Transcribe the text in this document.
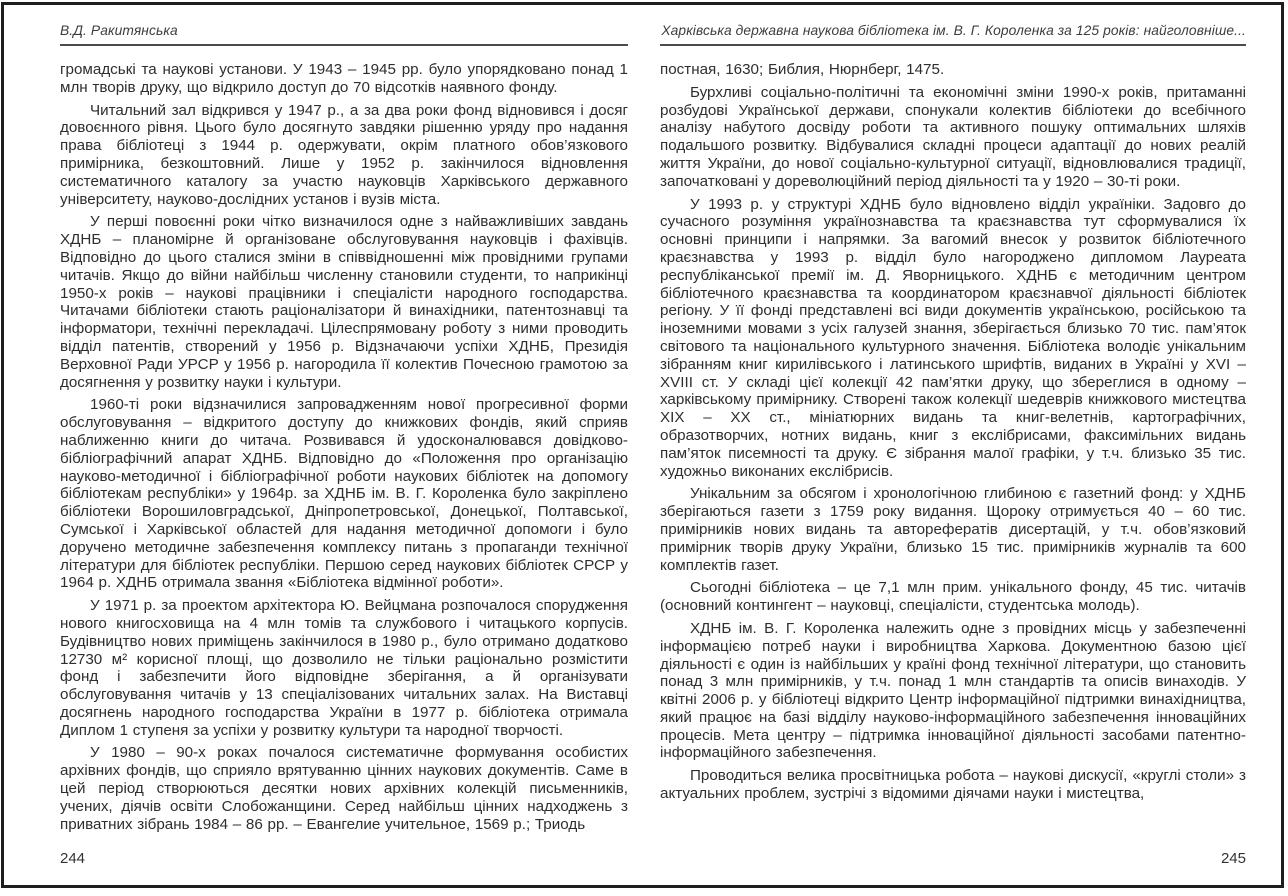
В.Д. Ракитянська

громадські та наукові установи. У 1943 – 1945 рр. було упорядковано понад 1 млн творів друку, що відкрило доступ до 70 відсотків наявного фонду.

Читальний зал відкрився у 1947 р., а за два роки фонд відновився і досяг довоєнного рівня. Цього було досягнуто завдяки рішенню уряду про надання права бібліотеці з 1944 р. одержувати, окрім платного обов’язкового примірника, безкоштовний. Лише у 1952 р. закінчилося відновлення систематичного каталогу за участю науковців Харківського державного університету, науково-дослідних установ і вузів міста.

У перші повоєнні роки чітко визначилося одне з найважливіших завдань ХДНБ – планомірне й організоване обслуговування науковців і фахівців. Відповідно до цього сталися зміни в співвідношенні між провідними групами читачів. Якщо до війни найбільш численну становили студенти, то наприкінці 1950-х років – наукові працівники і спеціалісти народного господарства. Читачами бібліотеки стають раціоналізатори й винахідники, патентознавці та інформатори, технічні перекладачі. Цілеспрямовану роботу з ними проводить відділ патентів, створений у 1956 р. Відзначаючи успіхи ХДНБ, Президія Верховної Ради УРСР у 1956 р. нагородила її колектив Почесною грамотою за досягнення у розвитку науки і культури.

1960-ті роки відзначилися запровадженням нової прогресивної форми обслуговування – відкритого доступу до книжкових фондів, який сприяв наближенню книги до читача. Розвивався й удосконалювався довідково-бібліографічний апарат ХДНБ. Відповідно до «Положення про організацію науково-методичної і бібліографічної роботи наукових бібліотек на допомогу бібліотекам республіки» у 1964р. за ХДНБ ім. В. Г. Короленка було закріплено бібліотеки Ворошиловградської, Дніпропетровської, Донецької, Полтавської, Сумської і Харківської областей для надання методичної допомоги і було доручено методичне забезпечення комплексу питань з пропаганди технічної літератури для бібліотек республіки. Першою серед наукових бібліотек СРСР у 1964 р. ХДНБ отримала звання «Бібліотека відмінної роботи».

У 1971 р. за проектом архітектора Ю. Вейцмана розпочалося спорудження нового книгосховища на 4 млн томів та службового і читацького корпусів. Будівництво нових приміщень закінчилося в 1980 р., було отримано додатково 12730 м² корисної площі, що дозволило не тільки раціонально розмістити фонд і забезпечити його відповідне зберігання, а й організувати обслуговування читачів у 13 спеціалізованих читальних залах. На Виставці досягнень народного господарства України в 1977 р. бібліотека отримала Диплом 1 ступеня за успіхи у розвитку культури та народної творчості.

У 1980 – 90-х роках почалося систематичне формування особистих архівних фондів, що сприяло врятуванню цінних наукових документів. Саме в цей період створюються десятки нових архівних колекцій письменників, учених, діячів освіти Слобожанщини. Серед найбільш цінних надходжень з приватних зібрань 1984 – 86 рр. – Евангелие учительное, 1569 р.; Триодь

244
Харківська державна наукова бібліотека ім. В. Г. Короленка за 125 років: найголовніше...

постная, 1630; Библия, Нюрнберг, 1475.

Бурхливі соціально-політичні та економічні зміни 1990-х років, притаманні розбудові Української держави, спонукали колектив бібліотеки до всебічного аналізу набутого досвіду роботи та активного пошуку оптимальних шляхів подальшого розвитку. Відбувалися складні процеси адаптації до нових реалій життя України, до нової соціально-культурної ситуації, відновлювалися традиції, започатковані у дореволюційний період діяльності та у 1920 – 30-ті роки.

У 1993 р. у структурі ХДНБ було відновлено відділ україніки. Задовго до сучасного розуміння українознавства та краєзнавства тут сформувалися їх основні принципи і напрямки. За вагомий внесок у розвиток бібліотечного краєзнавства у 1993 р. відділ було нагороджено дипломом Лауреата республіканської премії ім. Д. Яворницького. ХДНБ є методичним центром бібліотечного краєзнавства та координатором краєзнавчої діяльності бібліотек регіону. У її фонді представлені всі види документів українською, російською та іноземними мовами з усіх галузей знання, зберігається близько 70 тис. пам’яток світового та національного культурного значення. Бібліотека володіє унікальним зібранням книг кирилівського і латинського шрифтів, виданих в Україні у XVI – XVIII ст. У складі цієї колекції 42 пам’ятки друку, що збереглися в одному – харківському примірнику. Створені також колекції шедеврів книжкового мистецтва XIX – XX ст., мініатюрних видань та книг-велетнів, картографічних, образотворчих, нотних видань, книг з екслібрисами, факсимільних видань пам’яток писемності та друку. Є зібрання малої графіки, у т.ч. близько 35 тис. художньо виконаних екслібрисів.

Унікальним за обсягом і хронологічною глибиною є газетний фонд: у ХДНБ зберігаються газети з 1759 року видання. Щороку отримується 40 – 60 тис. примірників нових видань та авторефератів дисертацій, у т.ч. обов’язковий примірник творів друку України, близько 15 тис. примірників журналів та 600 комплектів газет.

Сьогодні бібліотека – це 7,1 млн прим. унікального фонду, 45 тис. читачів (основний контингент – науковці, спеціалісти, студентська молодь).

ХДНБ ім. В. Г. Короленка належить одне з провідних місць у забезпеченні інформацією потреб науки і виробництва Харкова. Документною базою цієї діяльності є один із найбільших у країні фонд технічної літератури, що становить понад 3 млн примірників, у т.ч. понад 1 млн стандартів та описів винаходів. У квітні 2006 р. у бібліотеці відкрито Центр інформаційної підтримки винахідництва, який працює на базі відділу науково-інформаційного забезпечення інноваційних процесів. Мета центру – підтримка інноваційної діяльності засобами патентно-інформаційного забезпечення.

Проводиться велика просвітницька робота – наукові дискусії, «круглі столи» з актуальних проблем, зустрічі з відомими діячами науки і мистецтва,

245
